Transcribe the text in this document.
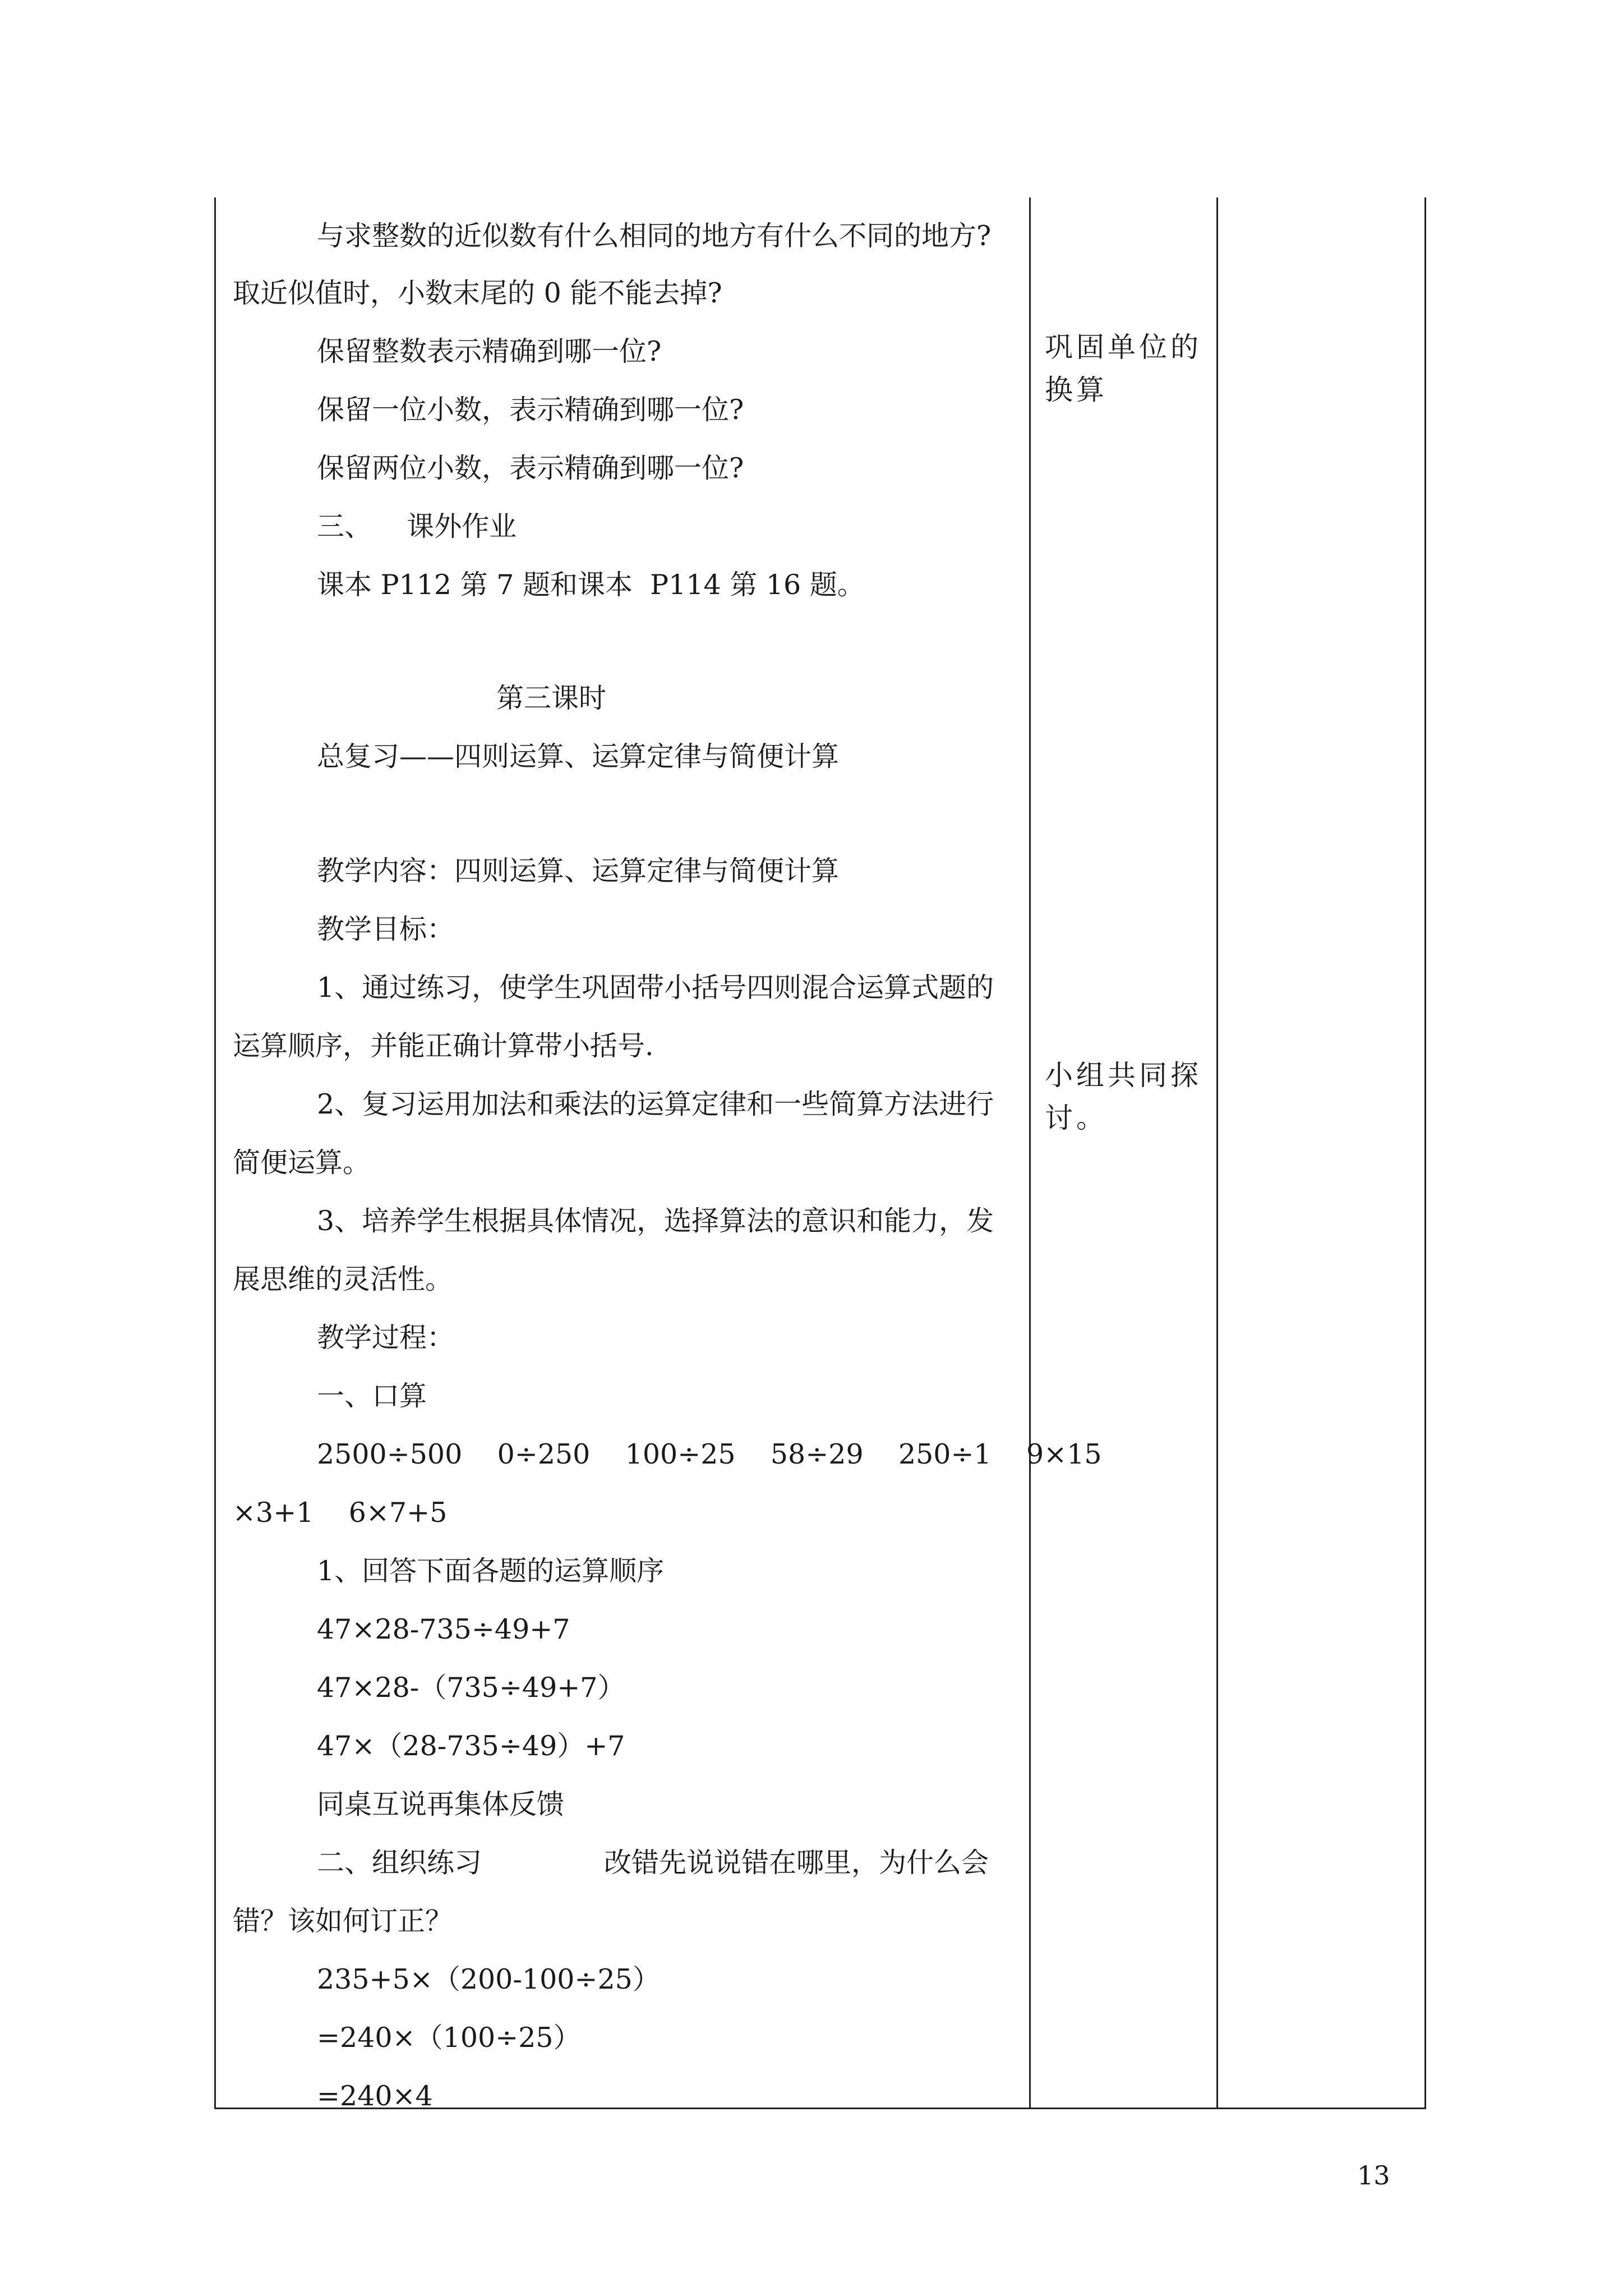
与求整数的近似数有什么相同的地方有什么不同的地方?
取近似值时，小数末尾的 0 能不能去掉?
保留整数表示精确到哪一位?
保留一位小数，表示精确到哪一位?
保留两位小数，表示精确到哪一位?
三、    课外作业
课本 P112 第 7 题和课本  P114 第 16 题。
第三课时
总复习——四则运算、运算定律与简便计算
教学内容：四则运算、运算定律与简便计算
教学目标：
1、通过练习，使学生巩固带小括号四则混合运算式题的
运算顺序，并能正确计算带小括号.
2、复习运用加法和乘法的运算定律和一些简算方法进行
简便运算。
3、培养学生根据具体情况，选择算法的意识和能力，发
展思维的灵活性。
教学过程：
一、口算
2500÷500    0÷250    100÷25    58÷29    250÷1    9×15
×3+1    6×7+5
1、回答下面各题的运算顺序
47×28-735÷49+7
47×28-（735÷49+7）
47×（28-735÷49）+7
同桌互说再集体反馈
二、组织练习              改错先说说错在哪里，为什么会
错？该如何订正？
235+5×（200-100÷25）
=240×（100÷25）
=240×4
巩固单位的
换算
小组共同探
讨。
13
